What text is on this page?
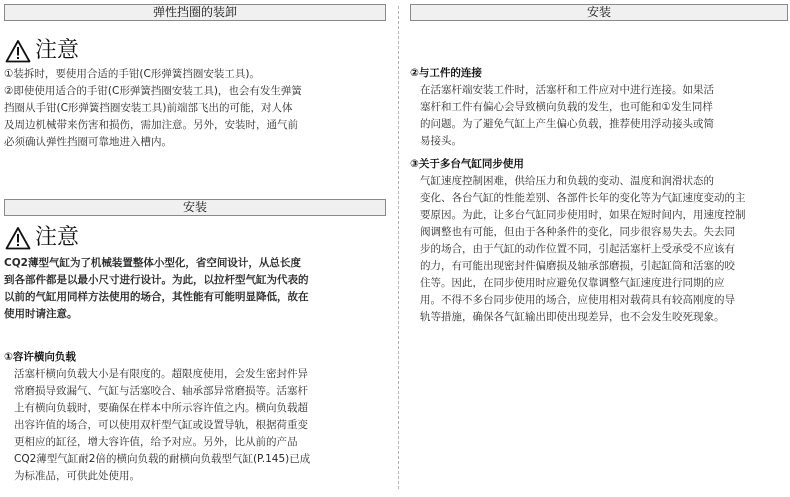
弹性挡圈的装卸
注意

①装拆时，要使用合适的手钳(C形弹簧挡圈安装工具)。
②即使使用适合的手钳(C形弹簧挡圈安装工具)，也会有发生弹簧
挡圈从手钳(C形弹簧挡圈安装工具)前端部飞出的可能，对人体
及周边机械带来伤害和损伤，需加注意。另外，安装时，通气前
必须确认弹性挡圈可靠地进入槽内。

安装
注意

CQ2薄型气缸为了机械装置整体小型化，省空间设计，从总长度
到各部件都是以最小尺寸进行设计。为此，以拉杆型气缸为代表的
以前的气缸用同样方法使用的场合，其性能有可能明显降低，故在
使用时请注意。

①容许横向负载

活塞杆横向负载大小是有限度的。超限度使用，会发生密封件异
常磨损导致漏气、气缸与活塞咬合、轴承部异常磨损等。活塞杆
上有横向负载时，要确保在样本中所示容许值之内。横向负载超
出容许值的场合，可以使用双杆型气缸或设置导轨，根据荷重变
更相应的缸径，增大容许值，给予对应。另外，比从前的产品
CQ2薄型气缸耐2倍的横向负载的耐横向负载型气缸(P.145)已成
为标准品，可供此处使用。

安装

②与工件的连接

在活塞杆端安装工件时，活塞杆和工件应对中进行连接。如果活
塞杆和工件有偏心会导致横向负载的发生，也可能和①发生同样
的问题。为了避免气缸上产生偏心负载，推荐使用浮动接头或简
易接头。

③关于多台气缸同步使用

气缸速度控制困难，供给压力和负载的变动、温度和润滑状态的
变化、各台气缸的性能差别、各部件长年的变化等为气缸速度变动的主
要原因。为此，让多台气缸同步使用时，如果在短时间内，用速度控制
阀调整也有可能，但由于各种条件的变化，同步很容易失去。失去同
步的场合，由于气缸的动作位置不同，引起活塞杆上受承受不应该有
的力，有可能出现密封件偏磨损及轴承部磨损，引起缸筒和活塞的咬
住等。因此，在同步使用时应避免仅靠调整气缸速度进行同期的应
用。不得不多台同步使用的场合，应使用相对载荷具有较高刚度的导
轨等措施，确保各气缸输出即使出现差异，也不会发生咬死现象。
